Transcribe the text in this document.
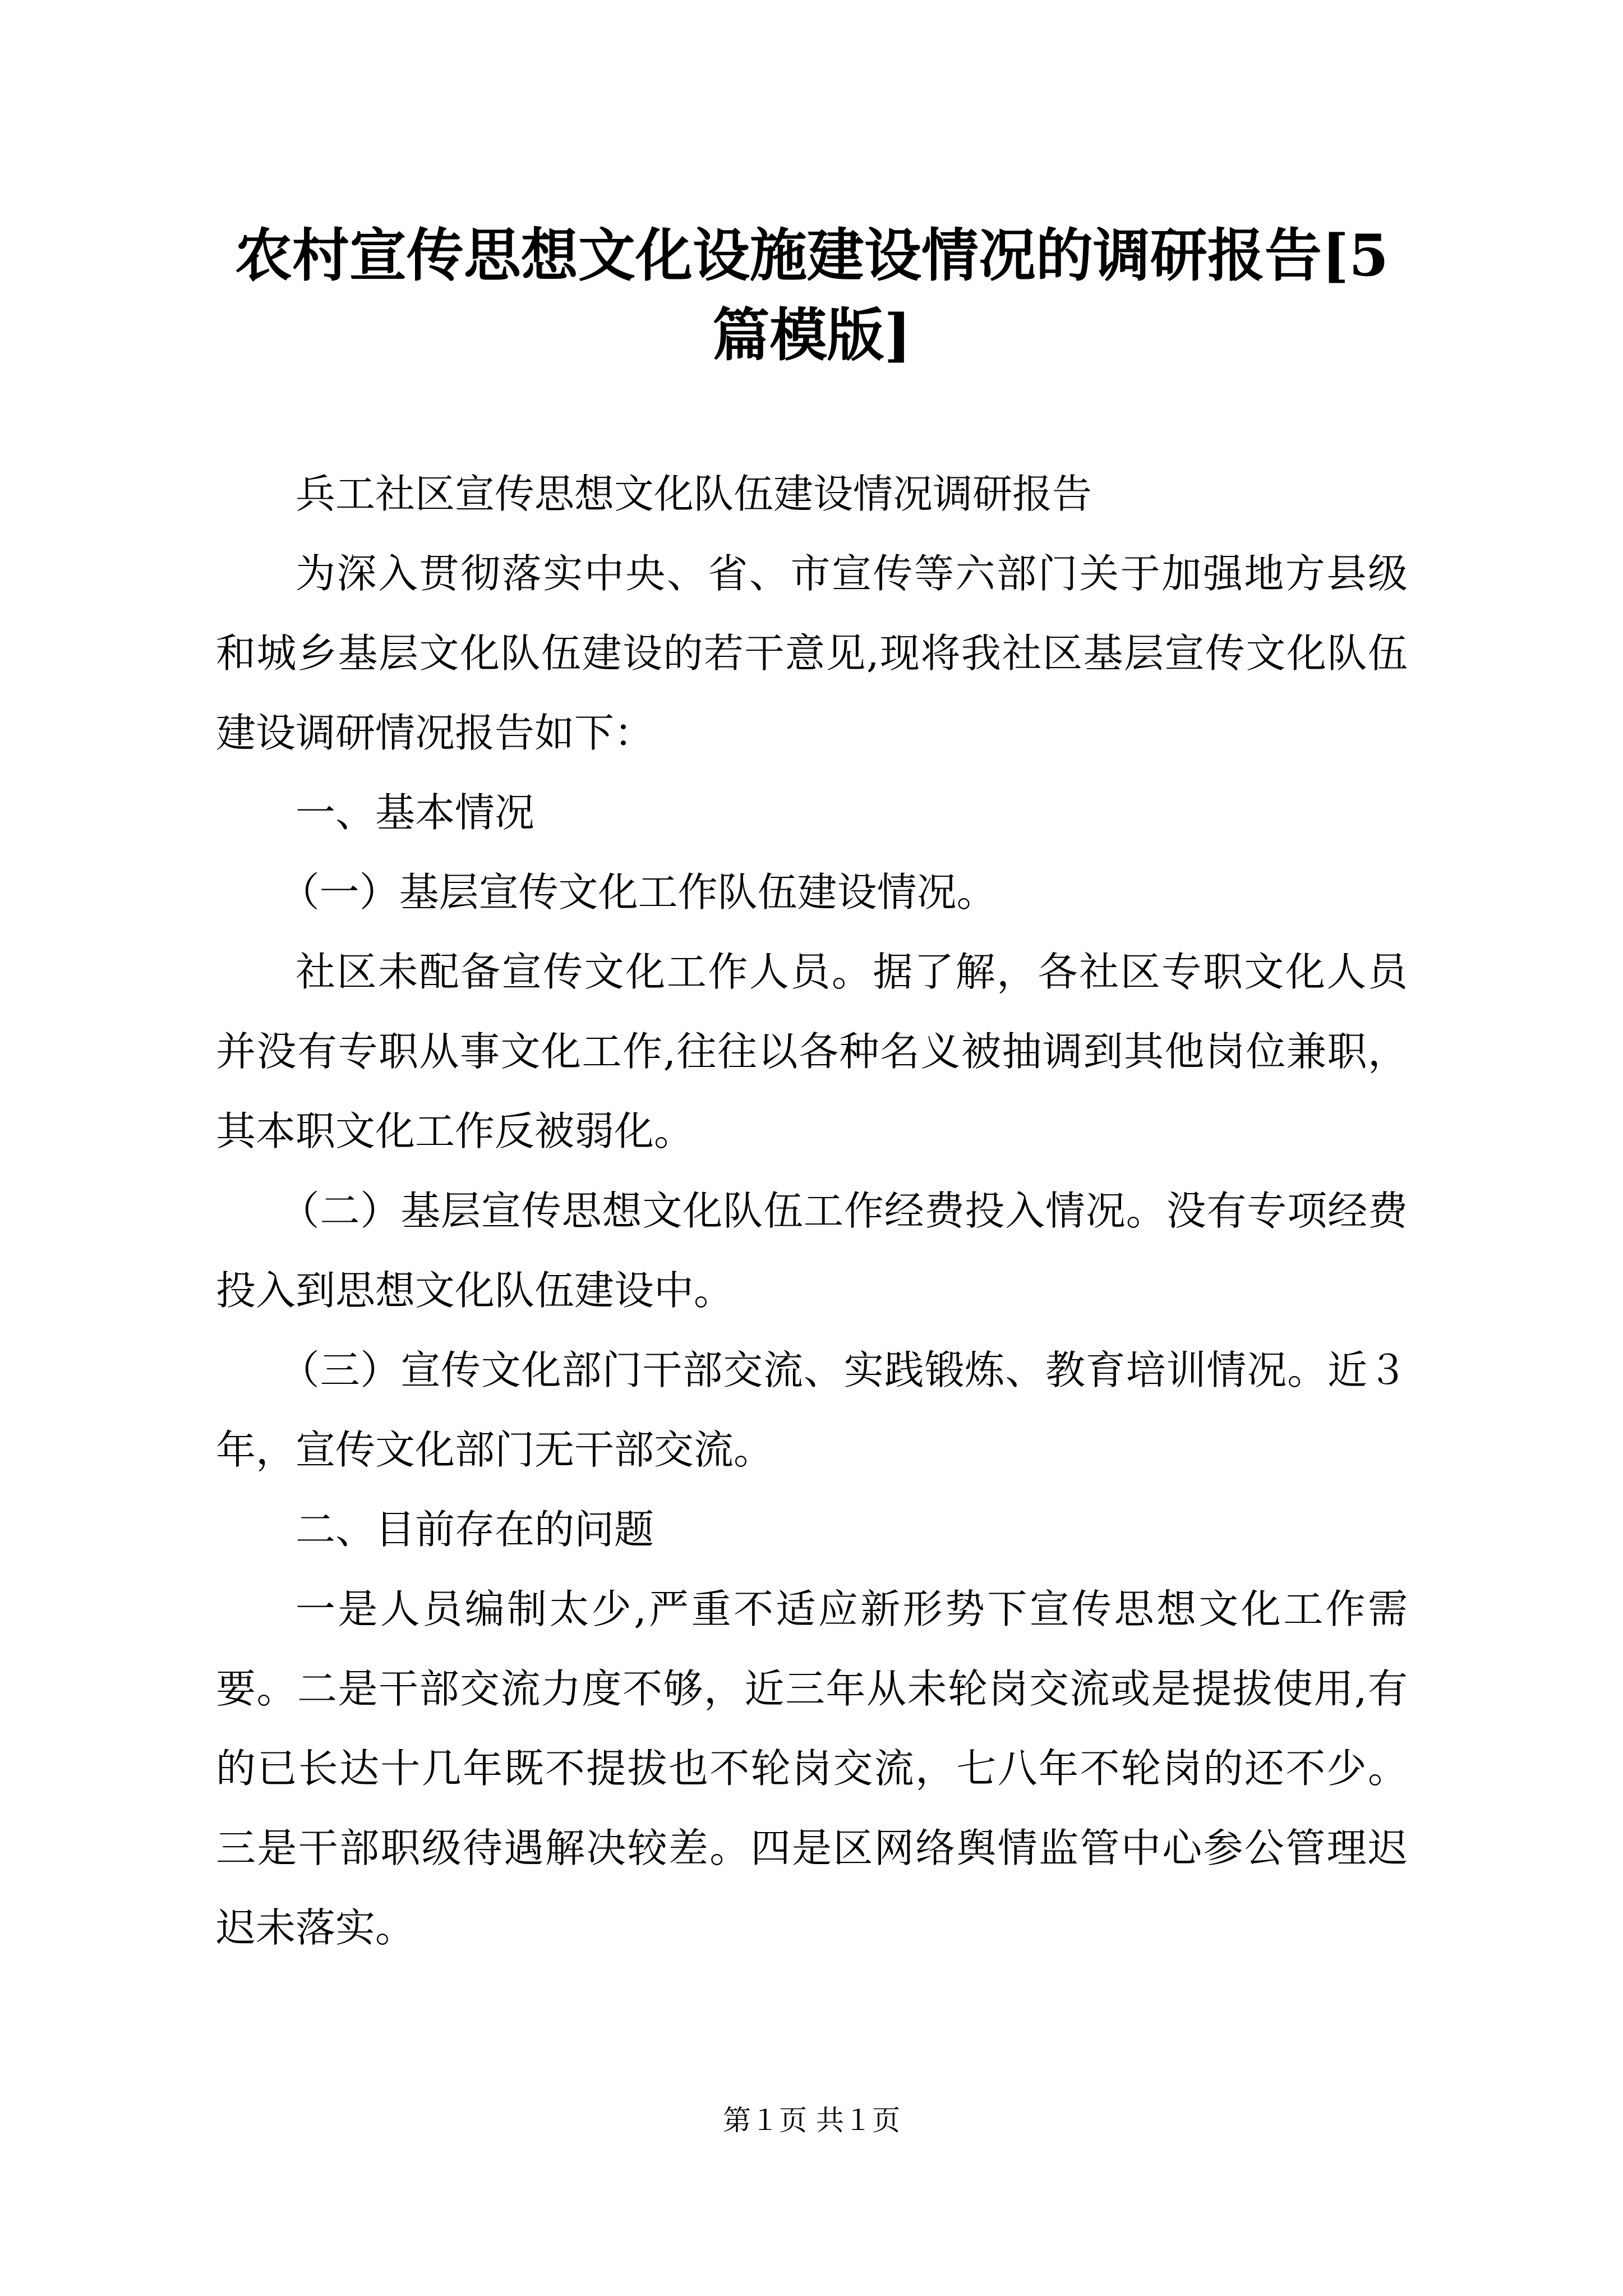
农村宣传思想文化设施建设情况的调研报告[5篇模版]

兵工社区宣传思想文化队伍建设情况调研报告

为深入贯彻落实中央、省、市宣传等六部门关于加强地方县级和城乡基层文化队伍建设的若干意见,现将我社区基层宣传文化队伍建设调研情况报告如下：

一、基本情况

（一）基层宣传文化工作队伍建设情况。

社区未配备宣传文化工作人员。据了解，各社区专职文化人员并没有专职从事文化工作,往往以各种名义被抽调到其他岗位兼职，其本职文化工作反被弱化。

（二）基层宣传思想文化队伍工作经费投入情况。没有专项经费投入到思想文化队伍建设中。

（三）宣传文化部门干部交流、实践锻炼、教育培训情况。近３年，宣传文化部门无干部交流。

二、目前存在的问题

一是人员编制太少,严重不适应新形势下宣传思想文化工作需要。二是干部交流力度不够，近三年从未轮岗交流或是提拔使用,有的已长达十几年既不提拔也不轮岗交流，七八年不轮岗的还不少。三是干部职级待遇解决较差。四是区网络舆情监管中心参公管理迟迟未落实。

第１页 共１页
